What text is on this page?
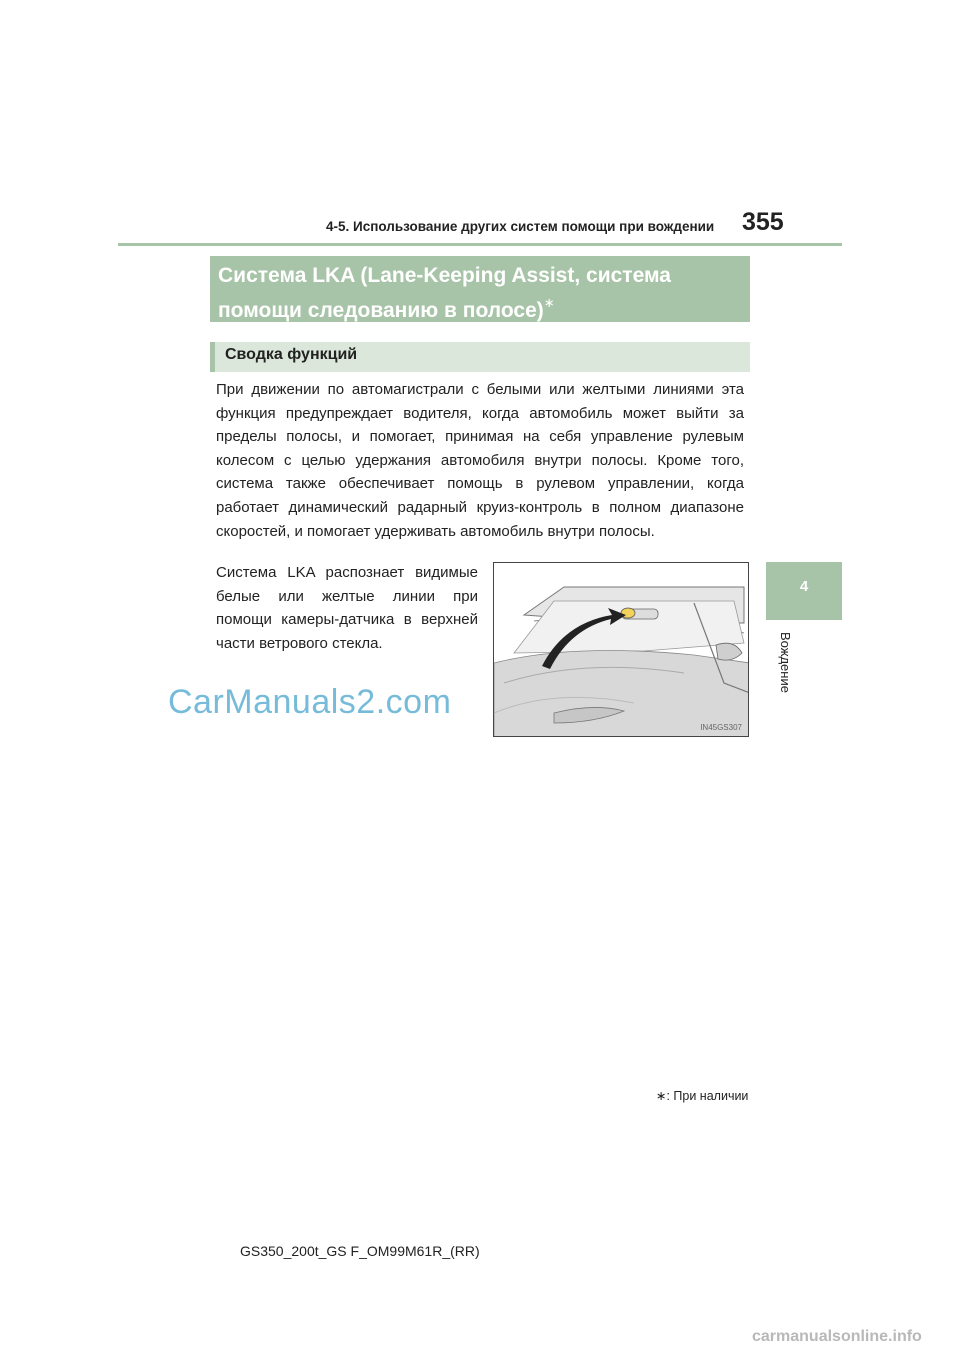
4-5. Использование других систем помощи при вождении 355
4
Вождение
Система LKA (Lane-Keeping Assist, система помощи следованию в полосе)∗
Сводка функций
При движении по автомагистрали с белыми или желтыми линиями эта функция предупреждает водителя, когда автомобиль может выйти за пределы полосы, и помогает, принимая на себя управление рулевым колесом с целью удержания автомобиля внутри полосы. Кроме того, система также обеспечивает помощь в рулевом управлении, когда работает динамический радарный круиз-контроль в полном диапазоне скоростей, и помогает удерживать автомобиль внутри полосы.
Система LKA распознает видимые белые или желтые линии при помощи камеры-датчика в верхней части ветрового стекла.
IN45GS307
CarManuals2.com
∗: При наличии
GS350_200t_GS F_OM99M61R_(RR)
carmanualsonline.info
